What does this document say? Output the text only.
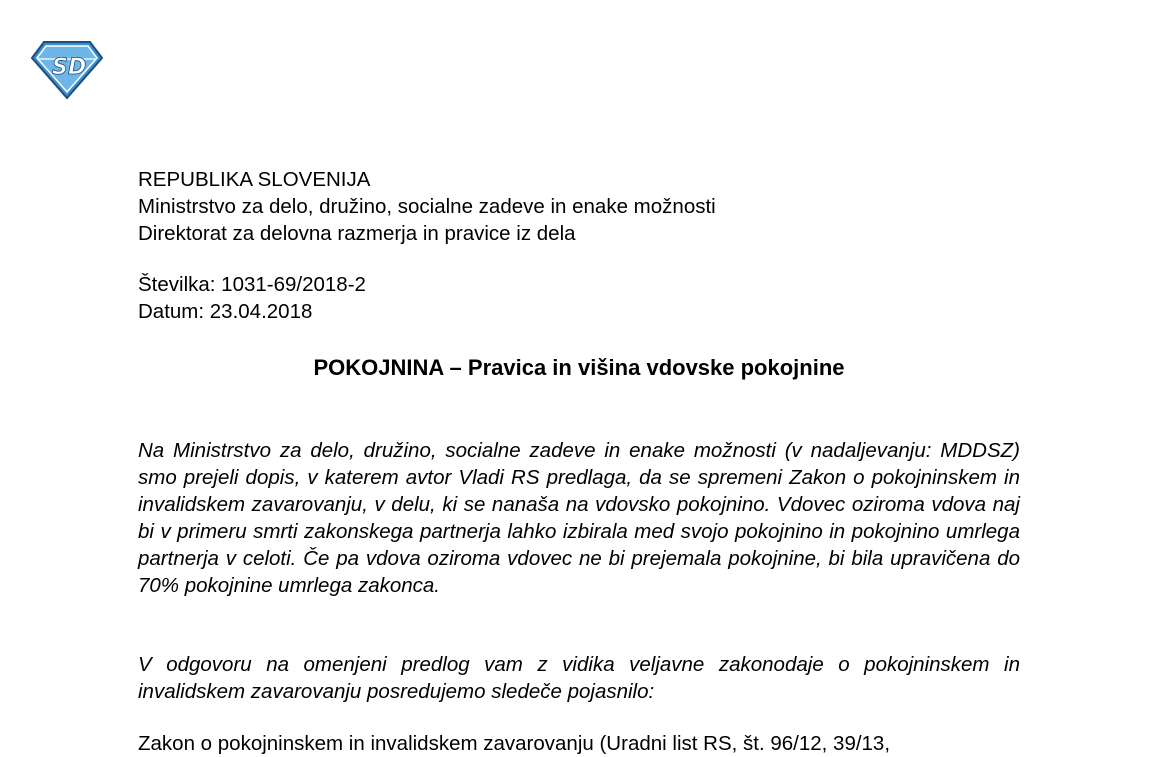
S D
REPUBLIKA SLOVENIJA
Ministrstvo za delo, družino, socialne zadeve in enake možnosti
Direktorat za delovna razmerja in pravice iz dela
Številka: 1031-69/2018-2
Datum: 23.04.2018
POKOJNINA – Pravica in višina vdovske pokojnine

Na Ministrstvo za delo, družino, socialne zadeve in enake možnosti (v nadaljevanju: MDDSZ) smo prejeli dopis, v katerem avtor Vladi RS predlaga, da se spremeni Zakon o pokojninskem in invalidskem zavarovanju, v delu, ki se nanaša na vdovsko pokojnino. Vdovec oziroma vdova naj bi v primeru smrti zakonskega partnerja lahko izbirala med svojo pokojnino in pokojnino umrlega partnerja v celoti. Če pa vdova oziroma vdovec ne bi prejemala pokojnine, bi bila upravičena do 70% pokojnine umrlega zakonca.

V odgovoru na omenjeni predlog vam z vidika veljavne zakonodaje o pokojninskem in invalidskem zavarovanju posredujemo sledeče pojasnilo:

Zakon o pokojninskem in invalidskem zavarovanju (Uradni list RS, št. 96/12, 39/13,
